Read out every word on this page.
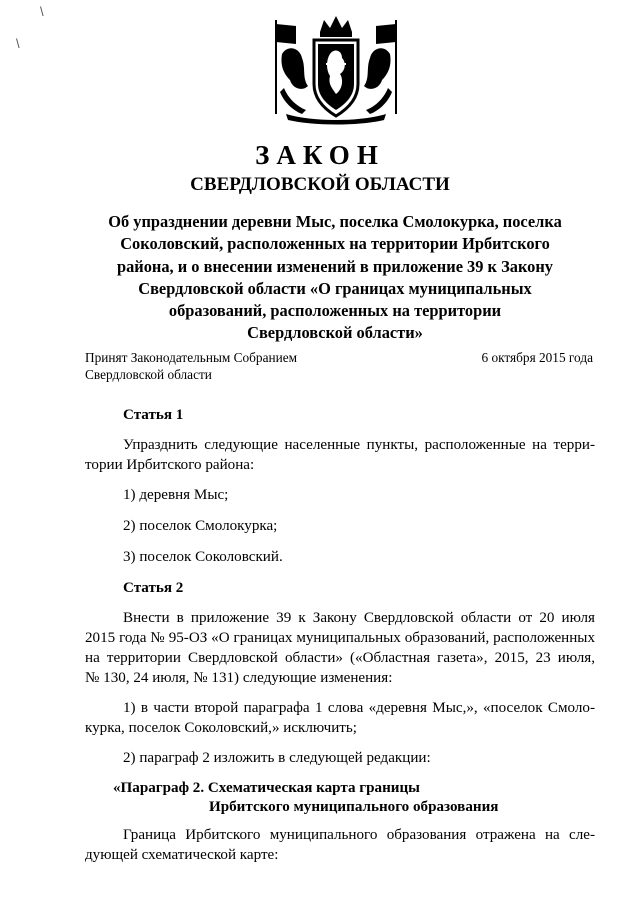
\
\
ЗАКОН
СВЕРДЛОВСКОЙ ОБЛАСТИ
Об упразднении деревни Мыс, поселка Смолокурка, поселка
Соколовский, расположенных на территории Ирбитского
района, и о внесении изменений в приложение 39 к Закону
Свердловской области «О границах муниципальных
образований, расположенных на территории
Свердловской области»
Принят Законодательным Собранием
Свердловской области
6 октября 2015 года
Статья 1
Упразднить следующие населенные пункты, расположенные на терри-
тории Ирбитского района:
1) деревня Мыс;
2) поселок Смолокурка;
3) поселок Соколовский.
Статья 2
Внести в приложение 39 к Закону Свердловской области от 20 июля
2015 года № 95-ОЗ «О границах муниципальных образований, расположенных
на территории Свердловской области» («Областная газета», 2015, 23 июля,
№ 130, 24 июля, № 131) следующие изменения:
1) в части второй параграфа 1 слова «деревня Мыс,», «поселок Смоло-
курка, поселок Соколовский,» исключить;
2) параграф 2 изложить в следующей редакции:
«Параграф 2. Схематическая карта границы
Ирбитского муниципального образования
Граница Ирбитского муниципального образования отражена на сле-
дующей схематической карте:
